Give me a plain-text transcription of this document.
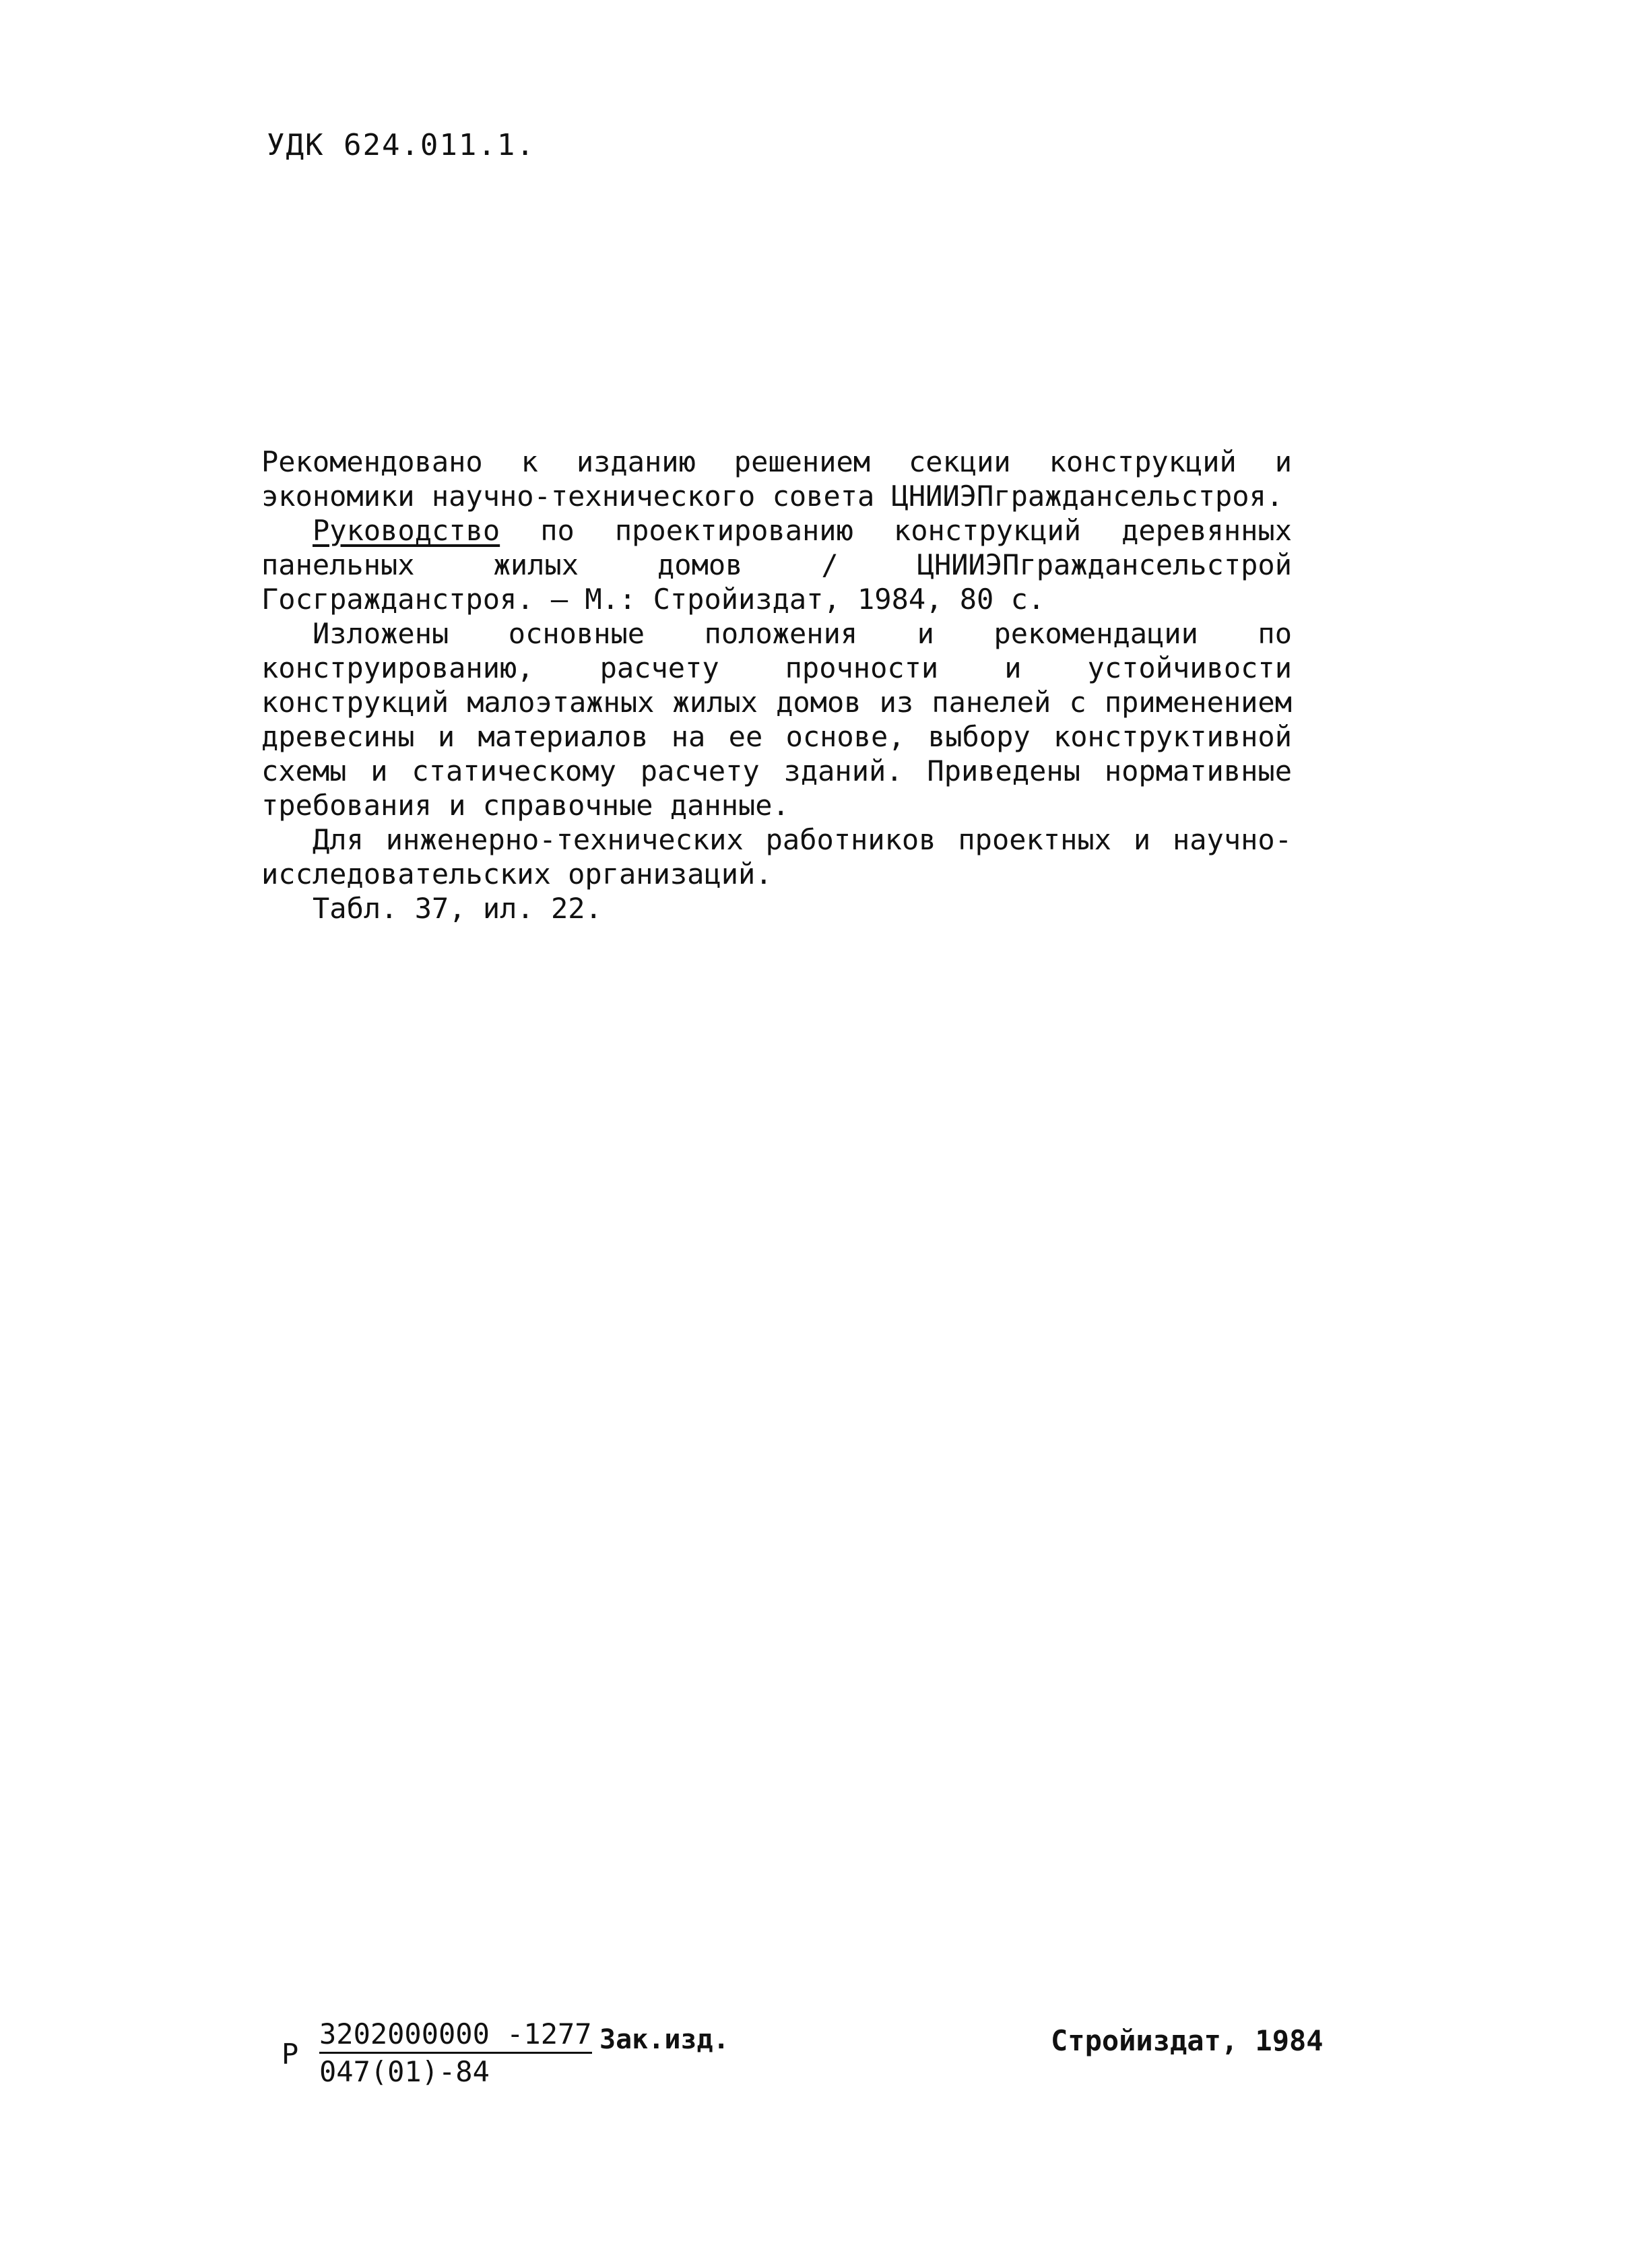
УДК 624.011.1.

Рекомендовано к изданию решением секции конструкций и экономики научно-технического совета ЦНИИЭПграждансельстроя.

Руководство по проектированию конструкций деревянных панельных жилых домов / ЦНИИЭПграждансельстрой Госгражданстроя. – М.: Стройиздат, 1984, 80 с.

Изложены основные положения и рекомендации по конструированию, расчету прочности и устойчивости конструкций малоэтажных жилых домов из панелей с применением древесины и материалов на ее основе, выбору конструктивной схемы и статическому расчету зданий. Приведены нормативные требования и справочные данные.

Для инженерно-технических работников проектных и научно-исследовательских организаций.

Табл. 37, ил. 22.

Р $\frac{3202000000 -1277}{047(01)-84} Зак.изд$.	Стройиздат, 1984
